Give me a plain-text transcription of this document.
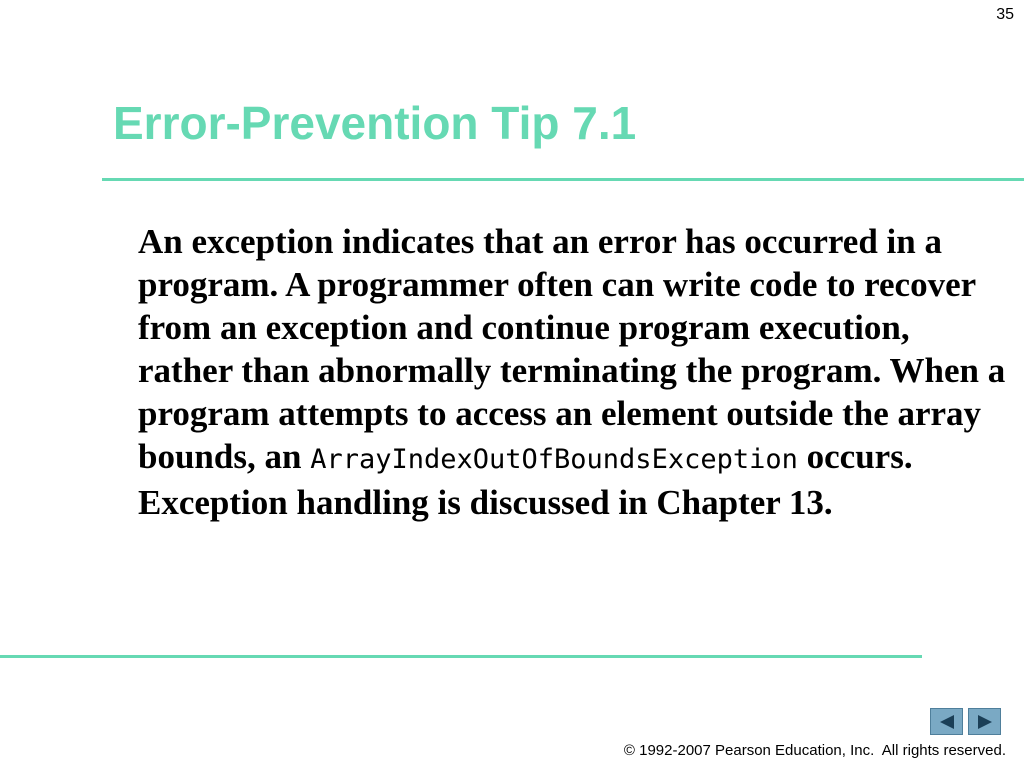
35
Error-Prevention Tip 7.1

An exception indicates that an error has occurred in a program. A programmer often can write code to recover from an exception and continue program execution, rather than abnormally terminating the program. When a program attempts to access an element outside the array bounds, an ArrayIndexOutOfBoundsException occurs. Exception handling is discussed in Chapter 13.

© 1992-2007 Pearson Education, Inc.  All rights reserved.
